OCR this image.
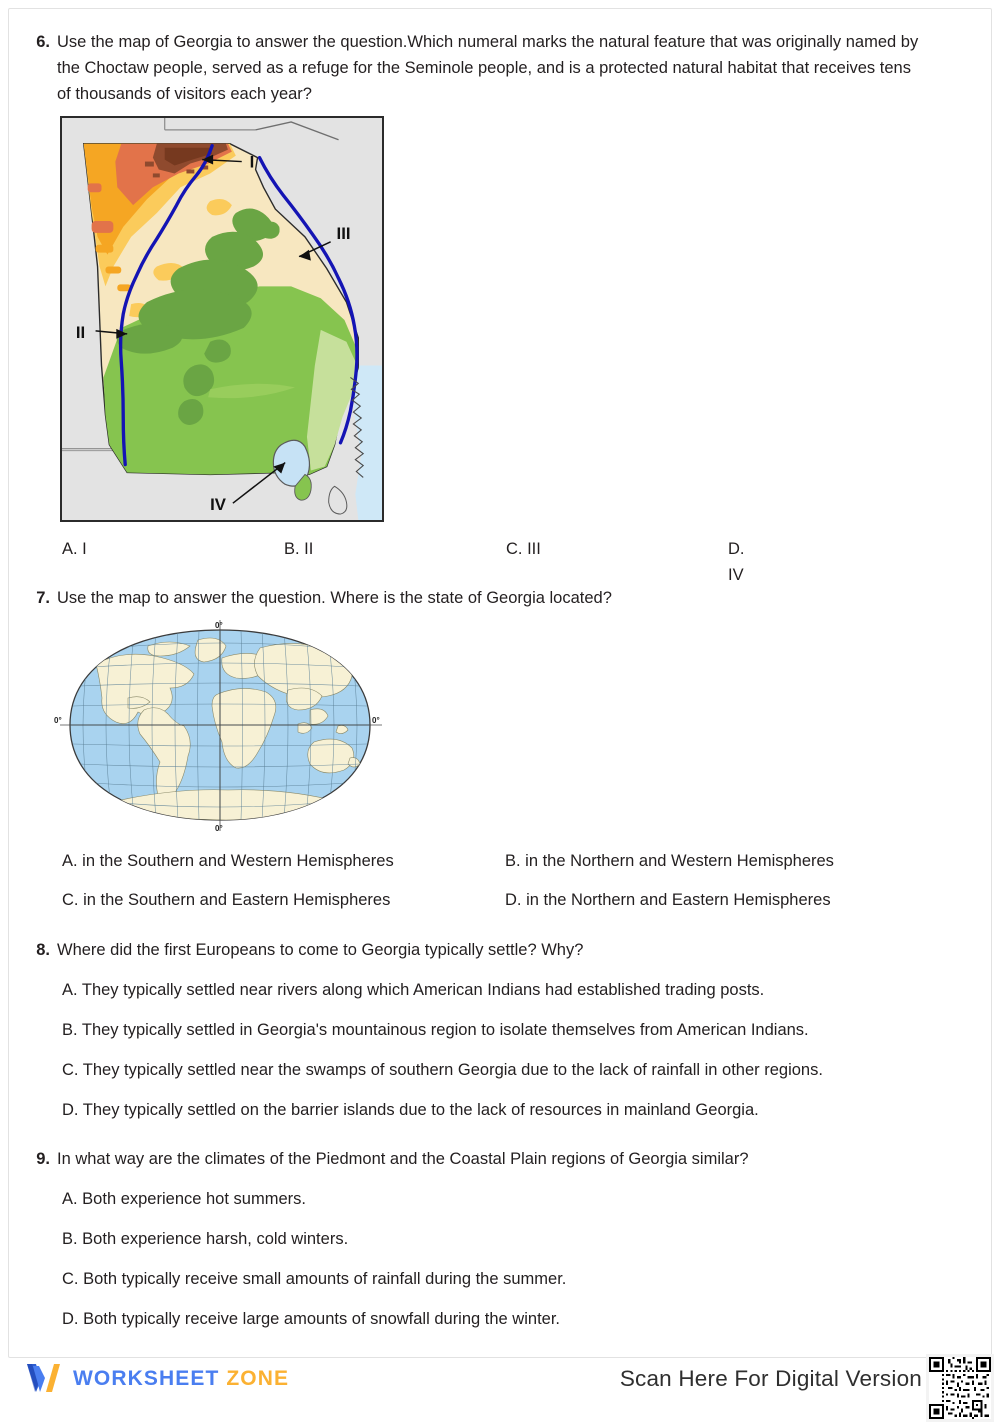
6. Use the map of Georgia to answer the question.Which numeral marks the natural feature that was originally named by the Choctaw people, served as a refuge for the Seminole people, and is a protected natural habitat that receives tens of thousands of visitors each year?
I
II
III
IV
A. I	B. II	C. III	D. IV
7. Use the map to answer the question. Where is the state of Georgia located?
0°
0°
0°	0°
A. in the Southern and Western Hemispheres	B. in the Northern and Western Hemispheres
C. in the Southern and Eastern Hemispheres	D. in the Northern and Eastern Hemispheres
8. Where did the first Europeans to come to Georgia typically settle? Why?
A. They typically settled near rivers along which American Indians had established trading posts.
B. They typically settled in Georgia's mountainous region to isolate themselves from American Indians.
C. They typically settled near the swamps of southern Georgia due to the lack of rainfall in other regions.
D. They typically settled on the barrier islands due to the lack of resources in mainland Georgia.
9. In what way are the climates of the Piedmont and the Coastal Plain regions of Georgia similar?
A. Both experience hot summers.
B. Both experience harsh, cold winters.
C. Both typically receive small amounts of rainfall during the summer.
D. Both typically receive large amounts of snowfall during the winter.
WORKSHEET ZONE	Scan Here For Digital Version
